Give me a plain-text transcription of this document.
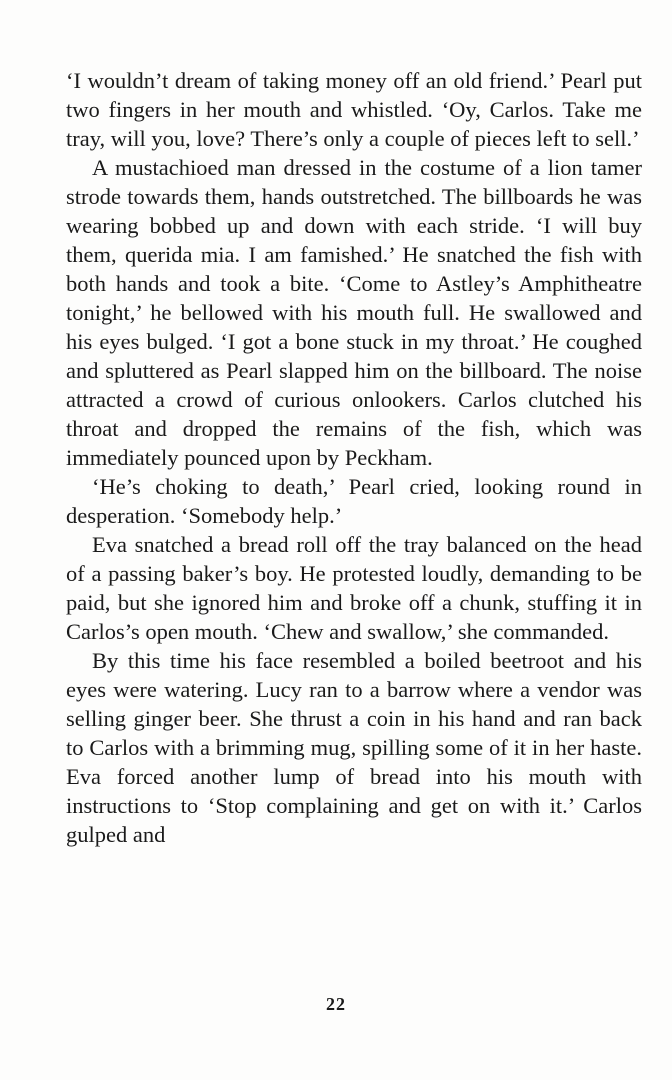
‘I wouldn’t dream of taking money off an old friend.’ Pearl put two fingers in her mouth and whistled. ‘Oy, Carlos. Take me tray, will you, love? There’s only a couple of pieces left to sell.’

A mustachioed man dressed in the costume of a lion tamer strode towards them, hands outstretched. The billboards he was wearing bobbed up and down with each stride. ‘I will buy them, querida mia. I am famished.’ He snatched the fish with both hands and took a bite. ‘Come to Astley’s Amphitheatre tonight,’ he bellowed with his mouth full. He swallowed and his eyes bulged. ‘I got a bone stuck in my throat.’ He coughed and spluttered as Pearl slapped him on the billboard. The noise attracted a crowd of curious onlookers. Carlos clutched his throat and dropped the remains of the fish, which was immediately pounced upon by Peckham.

‘He’s choking to death,’ Pearl cried, looking round in desperation. ‘Somebody help.’

Eva snatched a bread roll off the tray balanced on the head of a passing baker’s boy. He protested loudly, demanding to be paid, but she ignored him and broke off a chunk, stuffing it in Carlos’s open mouth. ‘Chew and swallow,’ she commanded.

By this time his face resembled a boiled beetroot and his eyes were watering. Lucy ran to a barrow where a vendor was selling ginger beer. She thrust a coin in his hand and ran back to Carlos with a brimming mug, spilling some of it in her haste. Eva forced another lump of bread into his mouth with instructions to ‘Stop complaining and get on with it.’ Carlos gulped and

22
